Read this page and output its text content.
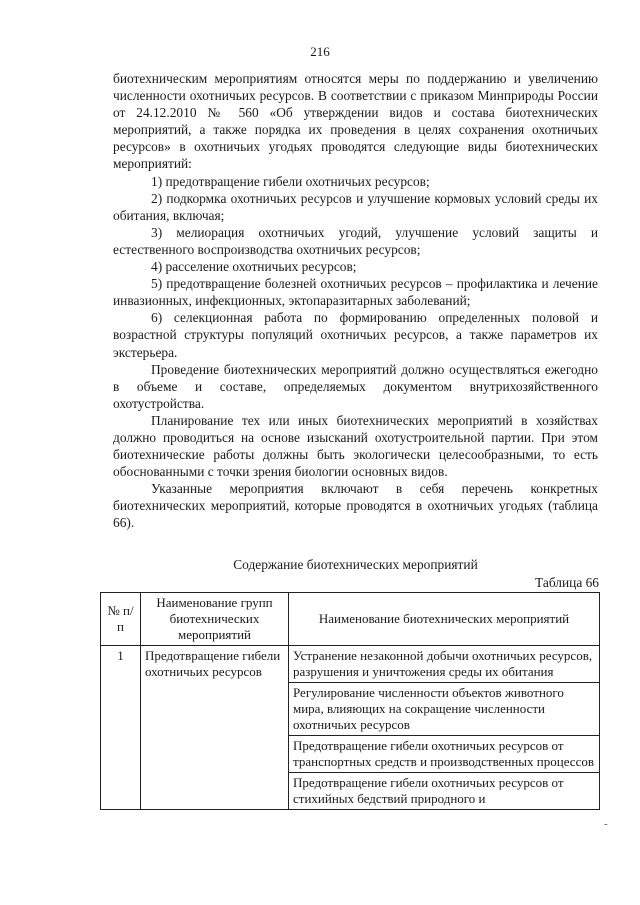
216

биотехническим мероприятиям относятся меры по поддержанию и увеличению численности охотничьих ресурсов. В соответствии с приказом Минприроды России от 24.12.2010 № 560 «Об утверждении видов и состава биотехнических мероприятий, а также порядка их проведения в целях сохранения охотничьих ресурсов» в охотничьих угодьях проводятся следующие виды биотехнических мероприятий:

1) предотвращение гибели охотничьих ресурсов;

2) подкормка охотничьих ресурсов и улучшение кормовых условий среды их обитания, включая;

3) мелиорация охотничьих угодий, улучшение условий защиты и естественного воспроизводства охотничьих ресурсов;

4) расселение охотничьих ресурсов;

5) предотвращение болезней охотничьих ресурсов – профилактика и лечение инвазионных, инфекционных, эктопаразитарных заболеваний;

6) селекционная работа по формированию определенных половой и возрастной структуры популяций охотничьих ресурсов, а также параметров их экстерьера.

Проведение биотехнических мероприятий должно осуществляться ежегодно в объеме и составе, определяемых документом внутрихозяйственного охотустройства.

Планирование тех или иных биотехнических мероприятий в хозяйствах должно проводиться на основе изысканий охотустроительной партии. При этом биотехнические работы должны быть экологически целесообразными, то есть обоснованными с точки зрения биологии основных видов.

Указанные мероприятия включают в себя перечень конкретных биотехнических мероприятий, которые проводятся в охотничьих угодьях (таблица 66).

Содержание биотехнических мероприятий
Таблица 66
№ п/п	Наименование групп биотехнических мероприятий	Наименование биотехнических мероприятий
1	Предотвращение гибели охотничьих ресурсов	Устранение незаконной добычи охотничьих ресурсов, разрушения и уничтожения среды их обитания
		Регулирование численности объектов животного мира, влияющих на сокращение численности охотничьих ресурсов
		Предотвращение гибели охотничьих ресурсов от транспортных средств и производственных процессов
		Предотвращение гибели охотничьих ресурсов от стихийных бедствий природного и
-
